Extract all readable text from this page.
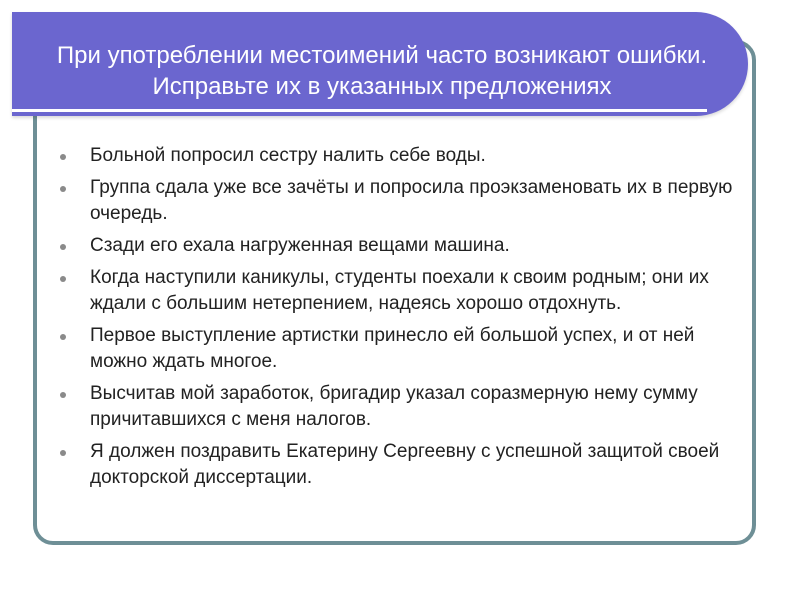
При употреблении местоимений часто возникают ошибки. Исправьте их в указанных предложениях
Больной попросил сестру налить себе воды.
Группа сдала уже все зачёты и попросила проэкзаменовать их в первую очередь.
Сзади его ехала нагруженная вещами машина.
Когда наступили каникулы, студенты поехали к своим родным; они их ждали с большим нетерпением, надеясь хорошо отдохнуть.
Первое выступление артистки принесло ей большой успех, и от ней можно ждать многое.
Высчитав мой заработок, бригадир указал соразмерную нему сумму причитавшихся с меня налогов.
Я должен поздравить Екатерину Сергеевну с успешной защитой своей докторской диссертации.
